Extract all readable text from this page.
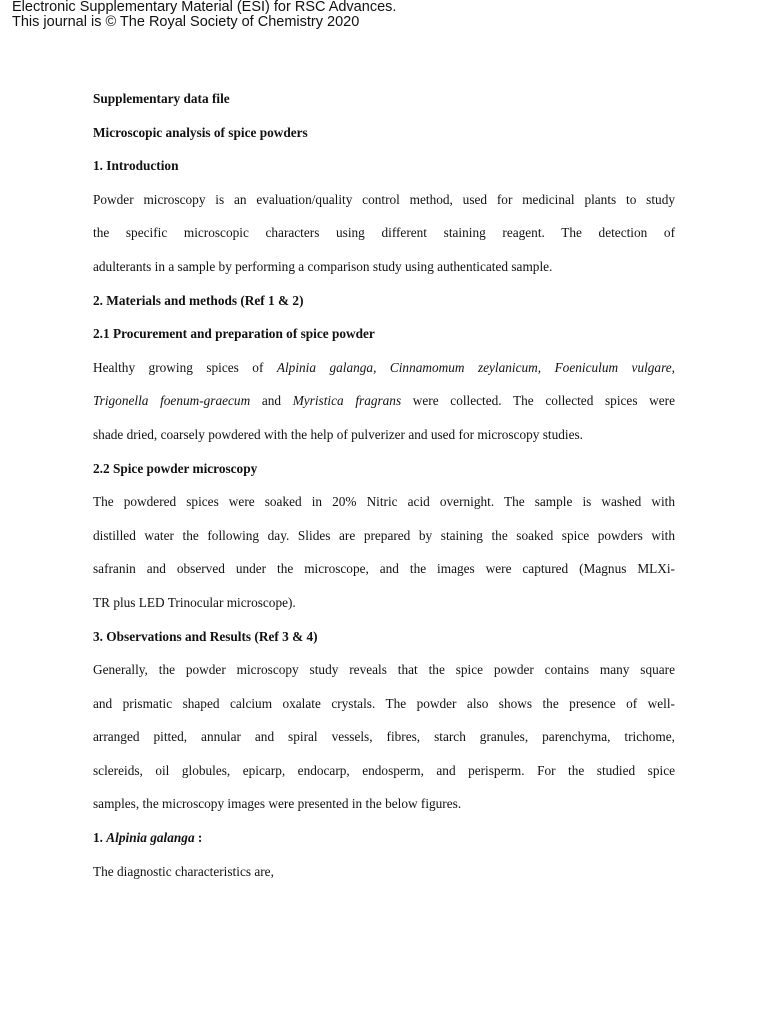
Electronic Supplementary Material (ESI) for RSC Advances.
This journal is © The Royal Society of Chemistry 2020
Supplementary data file
Microscopic analysis of spice powders
1. Introduction
Powder microscopy is an evaluation/quality control method, used for medicinal plants to study
the specific microscopic characters using different staining reagent. The detection of
adulterants in a sample by performing a comparison study using authenticated sample.
2. Materials and methods (Ref 1 & 2)
2.1 Procurement and preparation of spice powder
Healthy growing spices of Alpinia galanga, Cinnamomum zeylanicum, Foeniculum vulgare,
Trigonella foenum-graecum and Myristica fragrans were collected. The collected spices were
shade dried, coarsely powdered with the help of pulverizer and used for microscopy studies.
2.2 Spice powder microscopy
The powdered spices were soaked in 20% Nitric acid overnight. The sample is washed with
distilled water the following day. Slides are prepared by staining the soaked spice powders with
safranin and observed under the microscope, and the images were captured (Magnus MLXi-
TR plus LED Trinocular microscope).
3. Observations and Results (Ref 3 & 4)
Generally, the powder microscopy study reveals that the spice powder contains many square
and prismatic shaped calcium oxalate crystals. The powder also shows the presence of well-
arranged pitted, annular and spiral vessels, fibres, starch granules, parenchyma, trichome,
sclereids, oil globules, epicarp, endocarp, endosperm, and perisperm. For the studied spice
samples, the microscopy images were presented in the below figures.
1. Alpinia galanga :
The diagnostic characteristics are,
